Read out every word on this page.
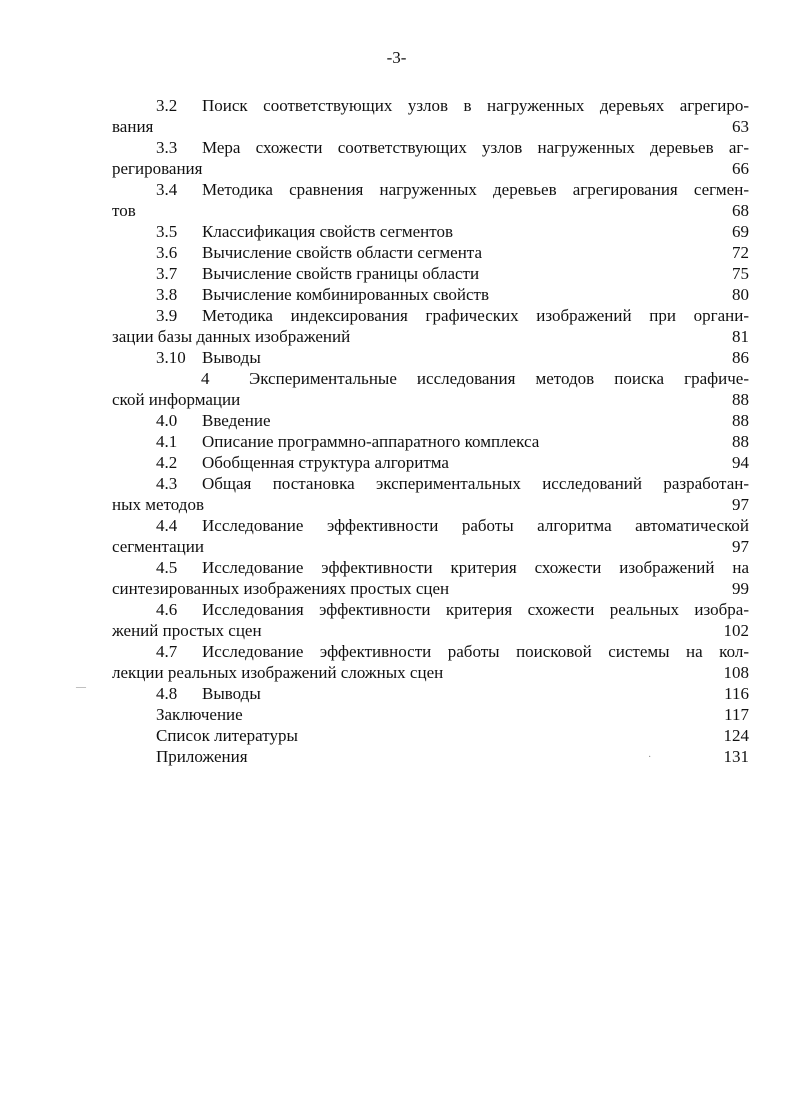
-3-
3.2 Поиск соответствующих узлов в нагруженных деревьях агрегиро-
вания	63
3.3 Мера схожести соответствующих узлов нагруженных деревьев аг-
регирования	66
3.4 Методика сравнения нагруженных деревьев агрегирования сегмен-
тов	68
3.5 Классификация свойств сегментов	69
3.6 Вычисление свойств области сегмента	72
3.7 Вычисление свойств границы области	75
3.8 Вычисление комбинированных свойств	80
3.9 Методика индексирования графических изображений при органи-
зации базы данных изображений	81
3.10 Выводы	86
4 Экспериментальные исследования методов поиска графиче-
ской информации	88
4.0 Введение	88
4.1 Описание программно-аппаратного комплекса	88
4.2 Обобщенная структура алгоритма	94
4.3 Общая постановка экспериментальных исследований разработан-
ных методов	97
4.4 Исследование эффективности работы алгоритма автоматической
сегментации	97
4.5 Исследование эффективности критерия схожести изображений на
синтезированных изображениях простых сцен	99
4.6 Исследования эффективности критерия схожести реальных изобра-
жений простых сцен	102
4.7 Исследование эффективности работы поисковой системы на кол-
лекции реальных изображений сложных сцен	108
4.8 Выводы	116
Заключение	117
Список литературы	124
Приложения	131
—
·
